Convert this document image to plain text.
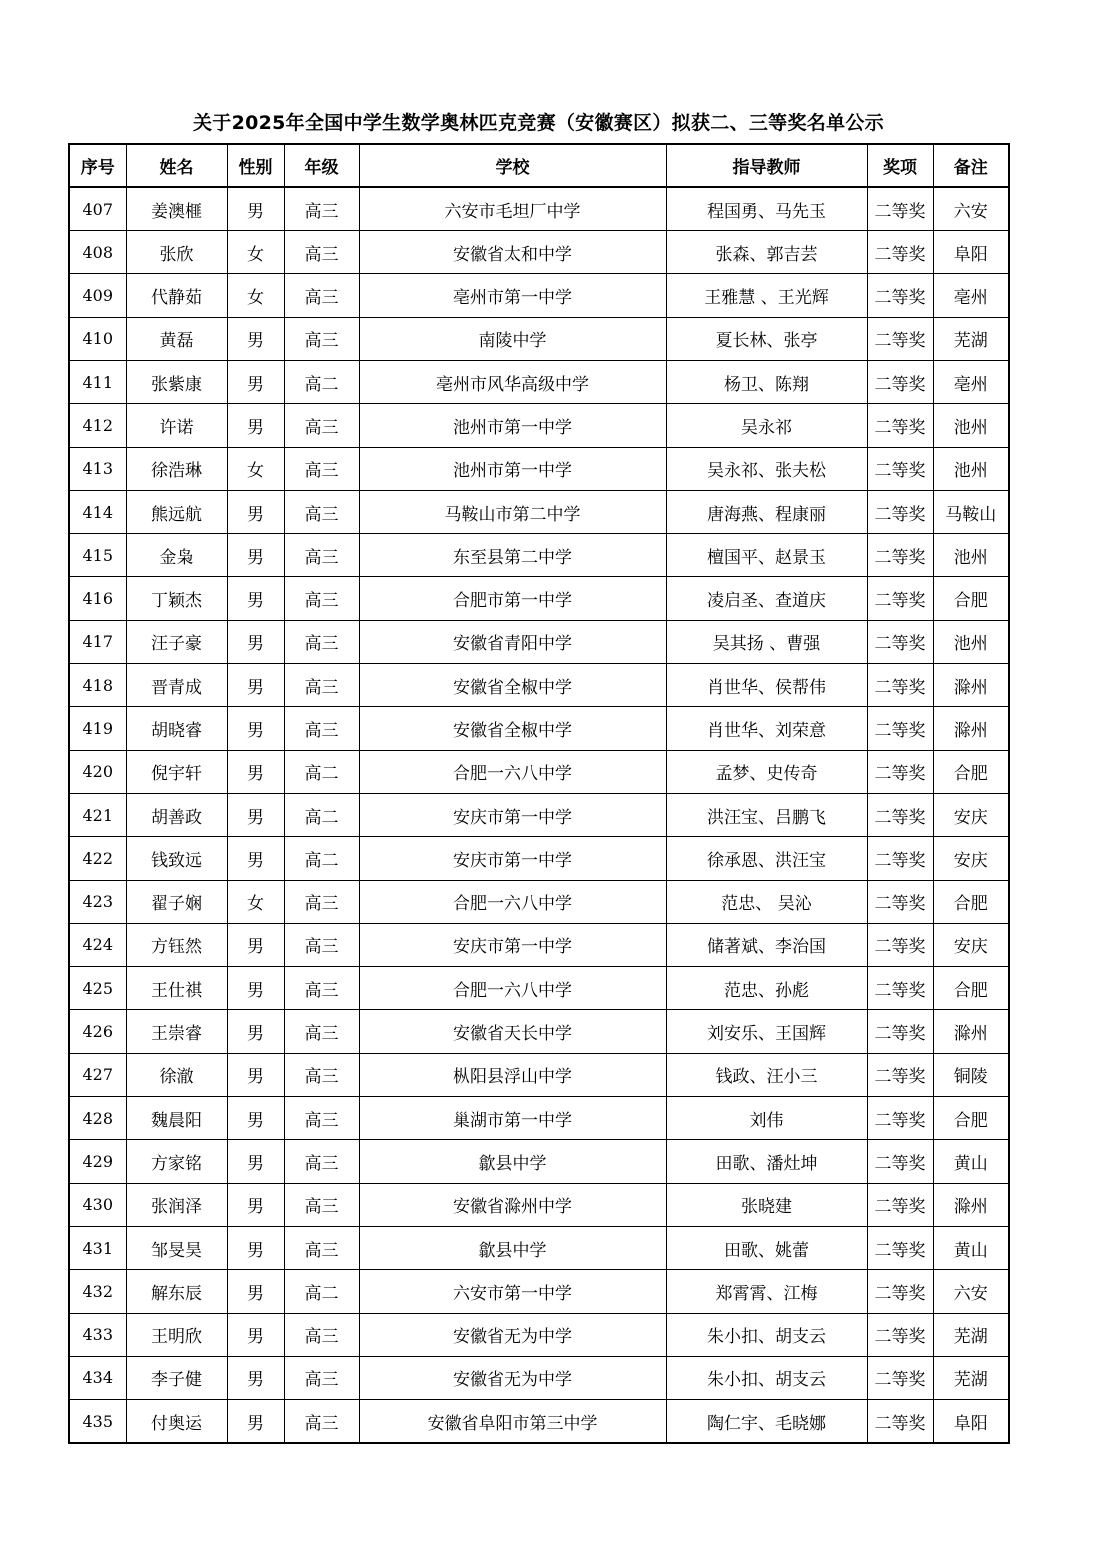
关于2025年全国中学生数学奥林匹克竞赛（安徽赛区）拟获二、三等奖名单公示
序号	姓名	性别	年级	学校	指导教师	奖项	备注
407	姜澳榧	男	高三	六安市毛坦厂中学	程国勇、马先玉	二等奖	六安
408	张欣	女	高三	安徽省太和中学	张森、郭吉芸	二等奖	阜阳
409	代静茹	女	高三	亳州市第一中学	王雅慧 、王光辉	二等奖	亳州
410	黄磊	男	高三	南陵中学	夏长林、张亭	二等奖	芜湖
411	张紫康	男	高二	亳州市风华高级中学	杨卫、陈翔	二等奖	亳州
412	许诺	男	高三	池州市第一中学	吴永祁	二等奖	池州
413	徐浩琳	女	高三	池州市第一中学	吴永祁、张夫松	二等奖	池州
414	熊远航	男	高三	马鞍山市第二中学	唐海燕、程康丽	二等奖	马鞍山
415	金枭	男	高三	东至县第二中学	檀国平、赵景玉	二等奖	池州
416	丁颖杰	男	高三	合肥市第一中学	凌启圣、查道庆	二等奖	合肥
417	汪子豪	男	高三	安徽省青阳中学	吴其扬 、曹强	二等奖	池州
418	晋青成	男	高三	安徽省全椒中学	肖世华、侯帮伟	二等奖	滁州
419	胡晓睿	男	高三	安徽省全椒中学	肖世华、刘荣意	二等奖	滁州
420	倪宇轩	男	高二	合肥一六八中学	孟梦、史传奇	二等奖	合肥
421	胡善政	男	高二	安庆市第一中学	洪汪宝、吕鹏飞	二等奖	安庆
422	钱致远	男	高二	安庆市第一中学	徐承恩、洪汪宝	二等奖	安庆
423	翟子娴	女	高三	合肥一六八中学	范忠、 吴沁	二等奖	合肥
424	方钰然	男	高三	安庆市第一中学	储著斌、李治国	二等奖	安庆
425	王仕祺	男	高三	合肥一六八中学	范忠、孙彪	二等奖	合肥
426	王崇睿	男	高三	安徽省天长中学	刘安乐、王国辉	二等奖	滁州
427	徐澈	男	高三	枞阳县浮山中学	钱政、汪小三	二等奖	铜陵
428	魏晨阳	男	高三	巢湖市第一中学	刘伟	二等奖	合肥
429	方家铭	男	高三	歙县中学	田歌、潘灶坤	二等奖	黄山
430	张润泽	男	高三	安徽省滁州中学	张晓建	二等奖	滁州
431	邹旻昊	男	高三	歙县中学	田歌、姚蕾	二等奖	黄山
432	解东辰	男	高二	六安市第一中学	郑霄霄、江梅	二等奖	六安
433	王明欣	男	高三	安徽省无为中学	朱小扣、胡支云	二等奖	芜湖
434	李子健	男	高三	安徽省无为中学	朱小扣、胡支云	二等奖	芜湖
435	付奥运	男	高三	安徽省阜阳市第三中学	陶仁宇、毛晓娜	二等奖	阜阳
